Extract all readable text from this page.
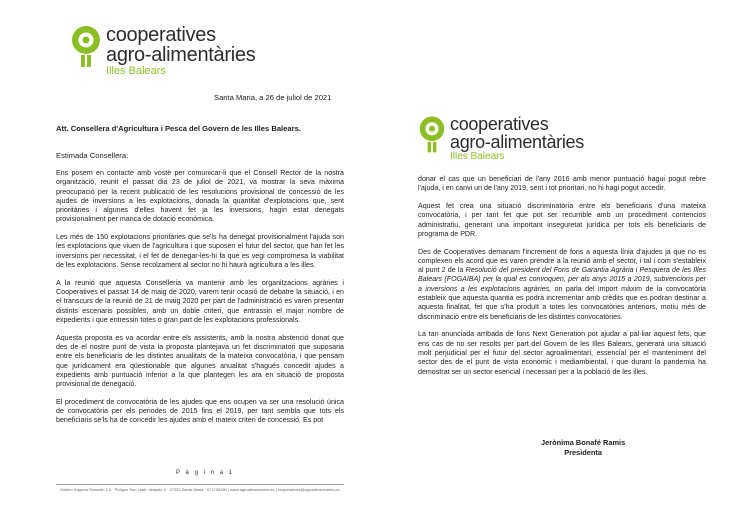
cooperatives
agro-alimentàries
Illes Balears
Santa Maria, a 26 de juliol de 2021
Att. Consellera d'Agricultura i Pesca del Govern de les Illes Balears.
Estimada Consellera:

Ens posem en contacte amb vostè per comunicar-li que el Consell Rector de la nostra organització, reunit el passat dia 23 de juliol de 2021, va mostrar la seva màxima preocupació per la recent publicació de les resolucions provisional de concessió de les ajudes de inversions a les explotacions, donada la quantitat d'explotacions que, sent prioritàries i algunes d'elles havent fet ja les inversions, hagin estat denegats provisionalment per manca de dotació econòmica.

Les més de 150 explotacions prioritàries que se'ls ha denegat provisionalment l'ajuda son les explotacions que viuen de l'agricultura i que suposen el futur del sector, que han fet les inversions per necessitat, i el fet de denegar-les-hi fa que es vegi compromesa la viabilitat de les explotacions. Sense recolzament al sector no hi haurà agricultura a les illes.

A la reunió que aquesta Conselleria va mantenir amb les organitzacions agràries i Cooperatives el passat 14 de maig de 2020, varem tenir ocasió de debatre la situació, i en el transcurs de la reunió de 21 de maig 2020 per part de l'administració es varen presentar distints escenaris possibles, amb un doble criteri, que entrassin el major nombre de expedients i que entressin totes o gran part de les explotacions professionals.

Aquesta proposta es va acordar entre els assistents, amb la nostra abstenció donat que des de el nostre punt de vista la proposta plantejava un fet discriminatori que suposaria entre els beneficiaris de les distintes anualitats de la mateixa convocatòria, i que pensam que jurídicament era qüestionable que algunes anualitat s'hagués concedit ajudes a expedients amb puntuació inferior a la que plantegen les ara en situació de proposta provisional de denegació.

El procediment de convocatòria de les ajudes que ens ocupen va ser una resolució única de convocatòria per els periodes de 2015 fins el 2019, per tant sembla que tots els beneficiaris se'ls ha de concedir les ajudes amb el mateix criteri de concessió. Es pot

P à g i n a 1
Gullem Sagrera Rossello 1 A · Polígon Son Llaüt, despatx 3 · 07320 Santa Maria · 971735180 | www.agroalimentaries.es | cooperatives@agroalimentaries.es
cooperatives
agro-alimentàries
Illes Balears

donar el cas que un beneficiari de l'any 2016 amb menor puntuació hagui pogut rebre l'ajuda, i en canvi un de l'any 2019, sent i tot prioritari, no hi hagi pogut accedir.

Aquest fet crea una situació discriminatòria entre els beneficiaris d'una mateixa convocatòria, i per tant fet que pot ser recurrible amb un procediment contencios administratiu, generant una important inseguretat jurídica per tots els beneficiaris de programa de PDR.

Des de Cooperatives demanam l'increment de fons a aquesta línia d'ajudes ja que no es complexen els acord que es varen prendre a la reunió amb el sector, i tal i com s'estableix al punt 2 de la Resolució del president del Fons de Garantia Agrària i Pesquera de les Illes Balears (FOGAIBA) per la qual es convoquen, per als anys 2015 a 2019, subvencions per a inversions a les explotacions agràries, on parla del import màxim de la convocatòria estableix que aquesta quantia es podrà incrementar amb crèdits que es podran destinar a aquesta finalitat, fet que s'ha produït a totes les convocatòries anteriors, motiu més de discriminació entre els beneficiaris de les distintes convocatòries.

La tan anunciada arribada de fons Next Generation pot ajudar a pal·liar aquest fets, que ens cas de no ser resolts per part del Govern de les Illes Balears, generarà una situació molt perjudicial per el futur del sector agroalimentari, essencial per el manteniment del sector des de el punt de vista econòmic i mediambiental, i que durant la pandemia ha demostrat ser un sector esencial i necessari per a la població de les illes.

Jerònima Bonafé Ramis
Presidenta
